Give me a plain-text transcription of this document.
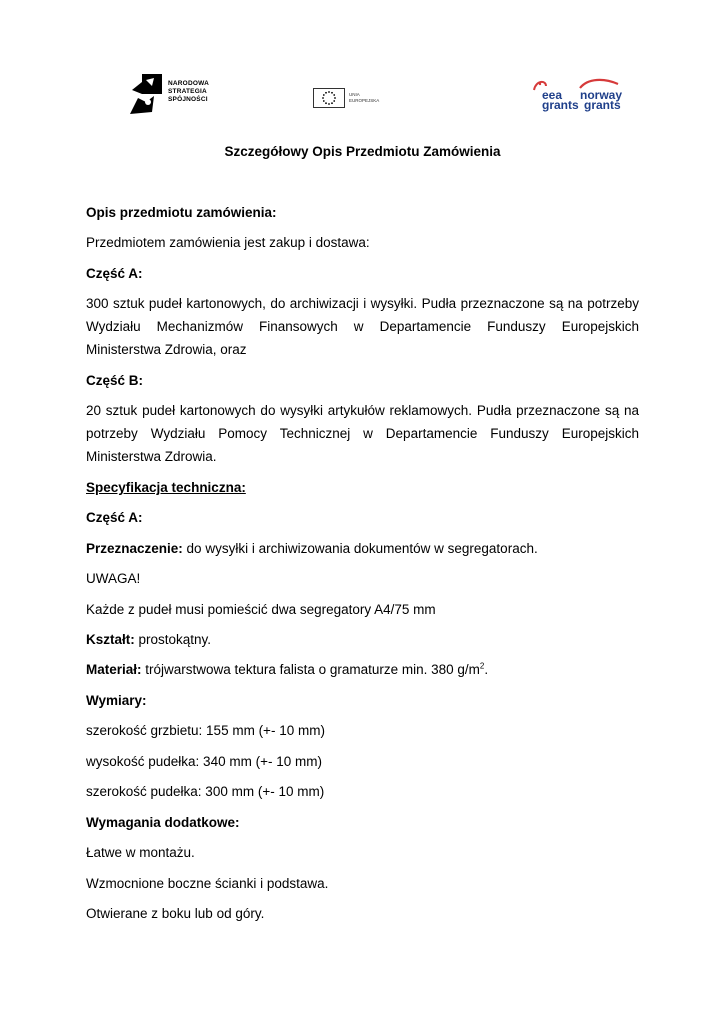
NARODOWA
STRATEGIA SPÓJNOŚCI
UNIA
EUROPEJSKA	eea
grants
norway
grants
Szczegółowy Opis Przedmiotu Zamówienia
Opis przedmiotu zamówienia:
Przedmiotem zamówienia jest zakup i dostawa:
Część A:
300 sztuk pudeł kartonowych, do archiwizacji i wysyłki. Pudła przeznaczone są na potrzeby Wydziału Mechanizmów Finansowych w Departamencie Funduszy Europejskich Ministerstwa Zdrowia, oraz
Część B:
20 sztuk pudeł kartonowych do wysyłki artykułów reklamowych. Pudła przeznaczone są na potrzeby Wydziału Pomocy Technicznej w Departamencie Funduszy Europejskich Ministerstwa Zdrowia.
Specyfikacja techniczna:
Część A:
Przeznaczenie: do wysyłki i archiwizowania dokumentów w segregatorach.
UWAGA!
Każde z pudeł musi pomieścić dwa segregatory A4/75 mm
Kształt: prostokątny.
Materiał: trójwarstwowa tektura falista o gramaturze min. 380 $g/m^2$.
Wymiary:
szerokość grzbietu: 155 mm (+- 10 mm)
wysokość pudełka: 340 mm (+- 10 mm)
szerokość pudełka: 300 mm (+- 10 mm)
Wymagania dodatkowe:
Łatwe w montażu.
Wzmocnione boczne ścianki i podstawa.
Otwierane z boku lub od góry.
